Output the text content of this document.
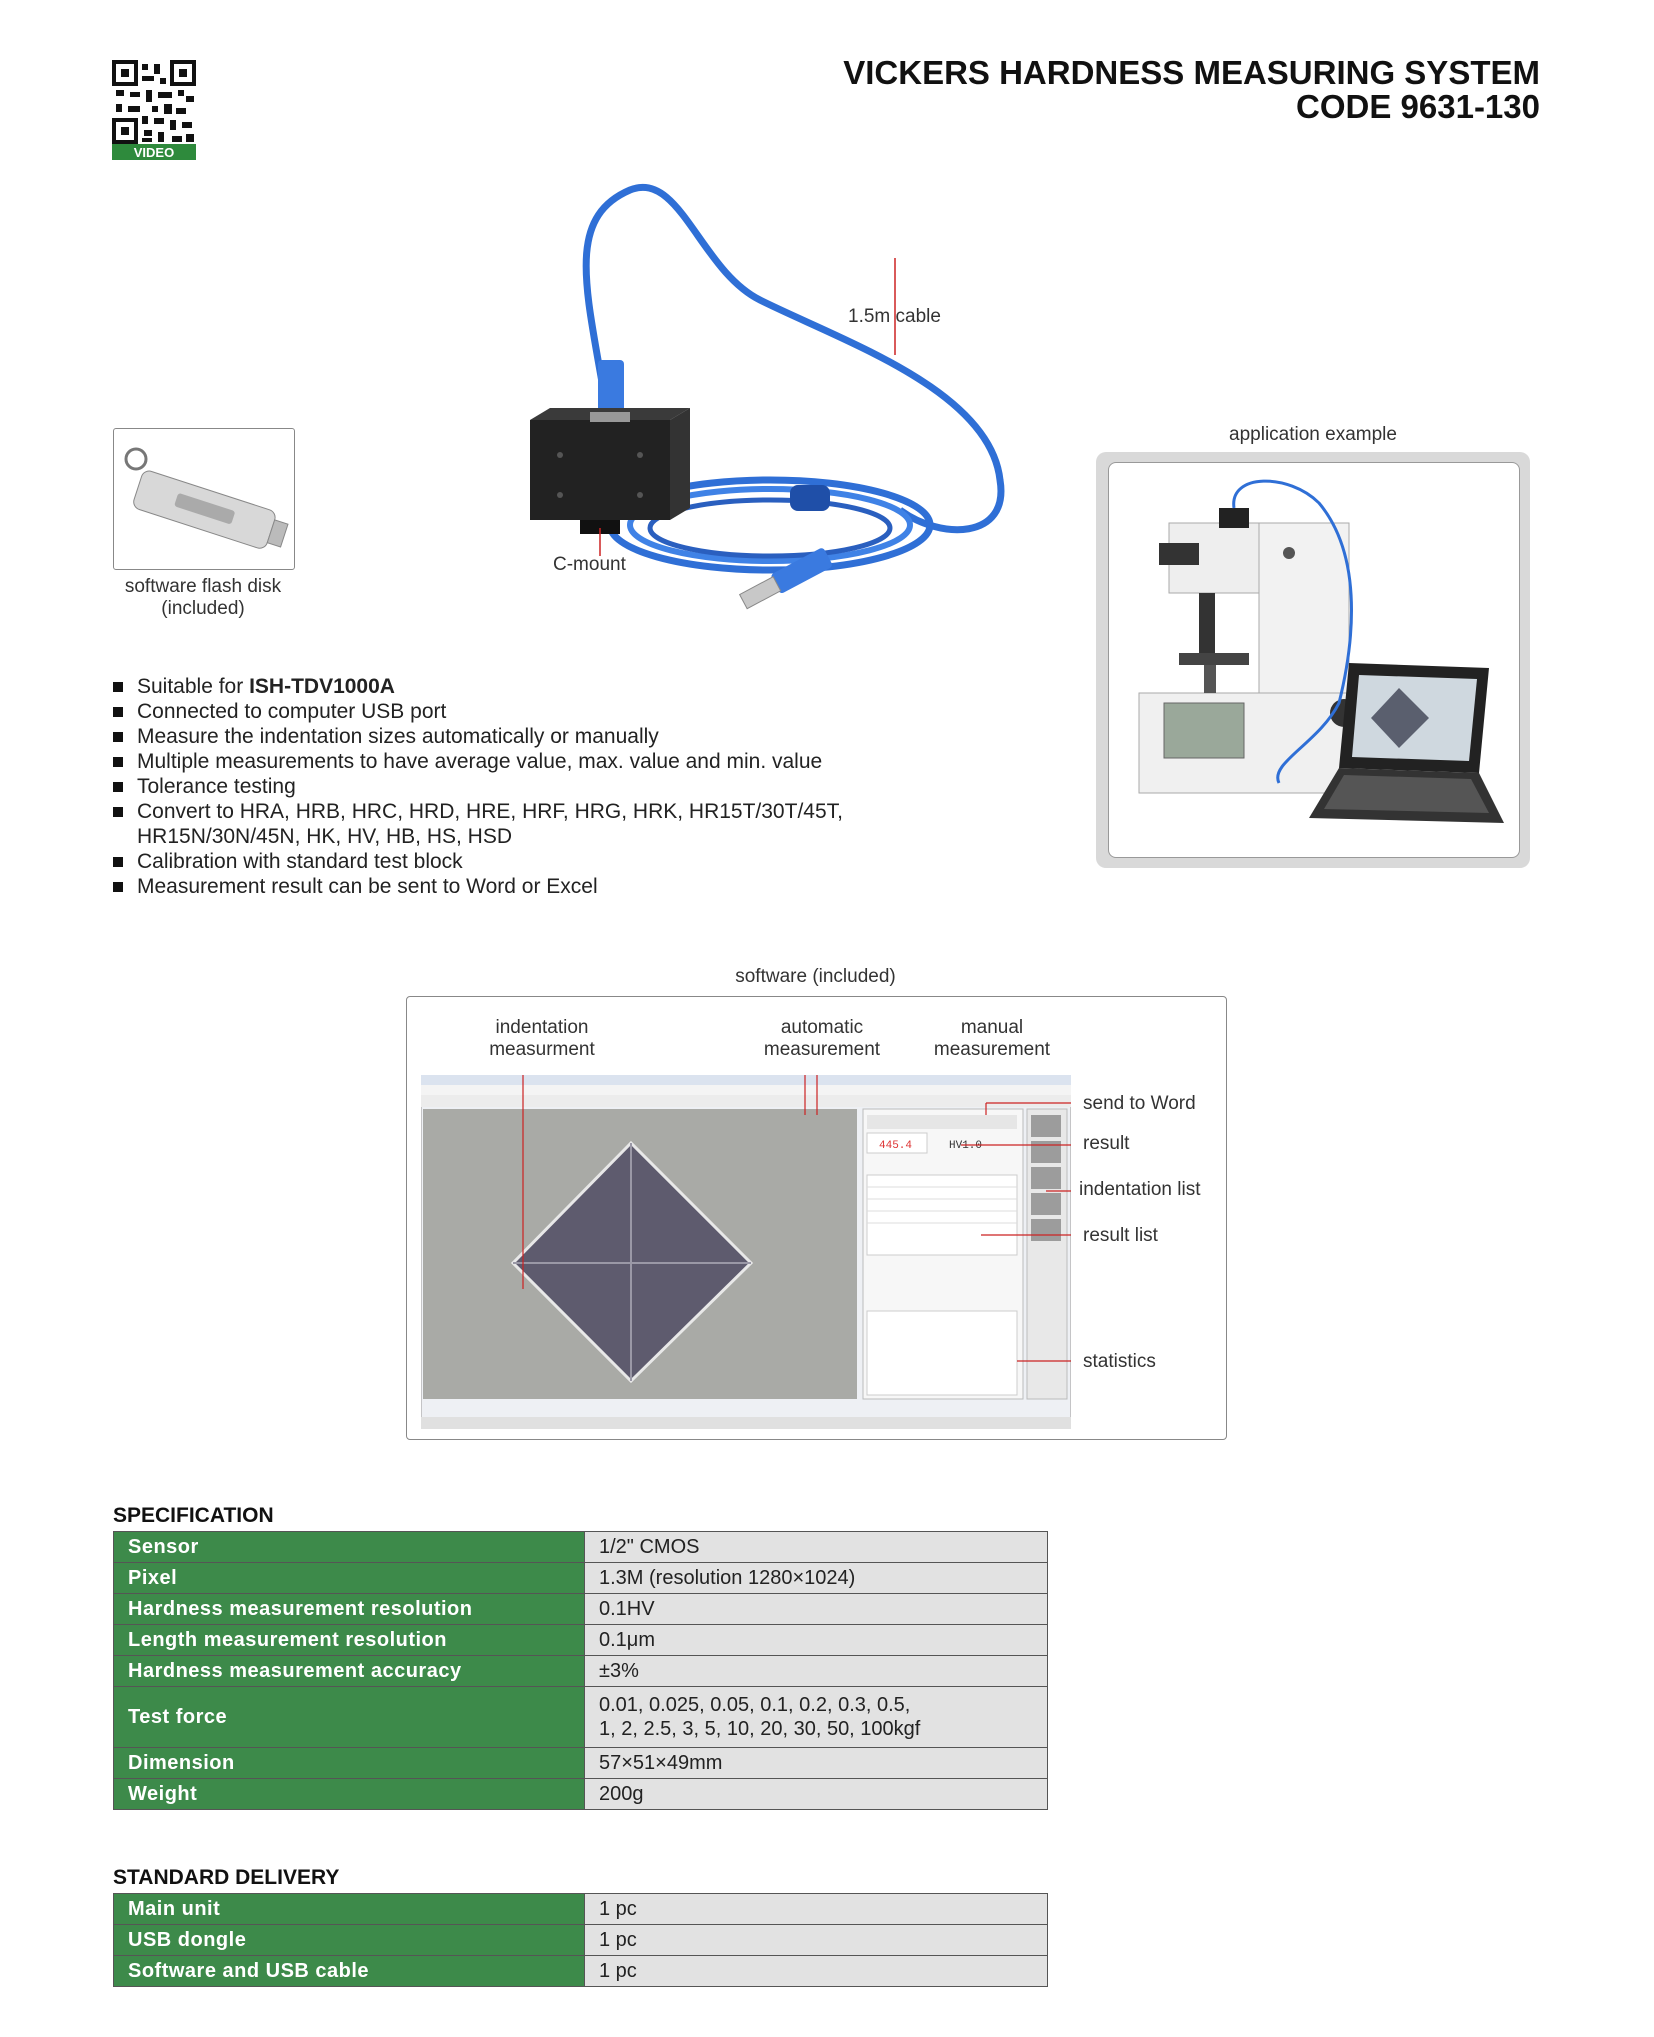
VIDEO
VICKERS HARDNESS MEASURING SYSTEM
CODE 9631-130
1.5m cable
C-mount
software flash disk
(included)
application example
Suitable for ISH-TDV1000A
Connected to computer USB port
Measure the indentation sizes automatically or manually
Multiple measurements to have average value, max. value and min. value
Tolerance testing
Convert to HRA, HRB, HRC, HRD, HRE, HRF, HRG, HRK, HR15T/30T/45T, HR15N/30N/45N, HK, HV, HB, HS, HSD
Calibration with standard test block
Measurement result can be sent to Word or Excel
software (included)
indentation
measurment
automatic
measurement
manual
measurement
send to Word
result
indentation list
result list
statistics
445.4	HV1.0
SPECIFICATION
Sensor	1/2" CMOS
Pixel	1.3M (resolution 1280×1024)
Hardness measurement resolution	0.1HV
Length measurement resolution	0.1μm
Hardness measurement accuracy	±3%
Test force	0.01, 0.025, 0.05, 0.1, 0.2, 0.3, 0.5,
1, 2, 2.5, 3, 5, 10, 20, 30, 50, 100kgf

Dimension	57×51×49mm
Weight	200g
STANDARD DELIVERY
Main unit	1 pc
USB dongle	1 pc
Software and USB cable	1 pc
